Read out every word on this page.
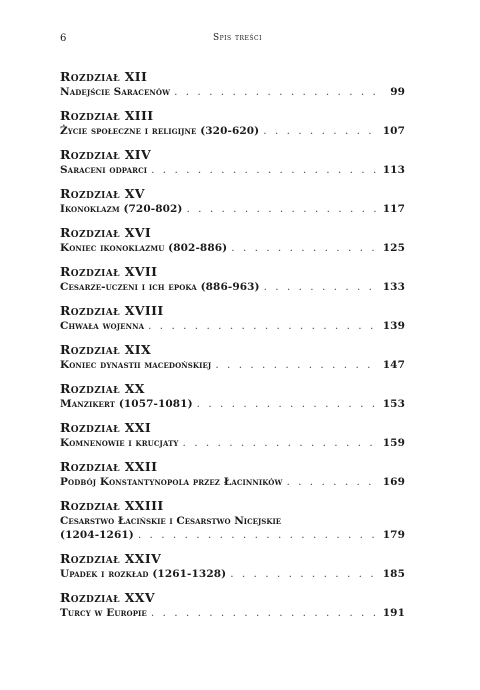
6	Spis treści
Rozdział XII
Nadejście Saracenów . . .	99
Rozdział XIII
Życie społeczne i religijne (320-620) . . .	107
Rozdział XIV
Saraceni odparci . . .	113
Rozdział XV
Ikonoklazm (720-802) . . .	117
Rozdział XVI
Koniec ikonoklazmu (802-886) . . .	125
Rozdział XVII
Cesarze-uczeni i ich epoka (886-963) . . .	133
Rozdział XVIII
Chwała wojenna . . .	139
Rozdział XIX
Koniec dynastii macedońskiej . . .	147
Rozdział XX
Manzikert (1057-1081) . . .	153
Rozdział XXI
Komnenowie i krucjaty . . .	159
Rozdział XXII
Podbój Konstantynopola przez Łacinników . . .	169
Rozdział XXIII
Cesarstwo Łacińskie i Cesarstwo Nicejskie
(1204-1261) . . .	179
Rozdział XXIV
Upadek i rozkład (1261-1328) . . .	185
Rozdział XXV
Turcy w Europie . . .	191
